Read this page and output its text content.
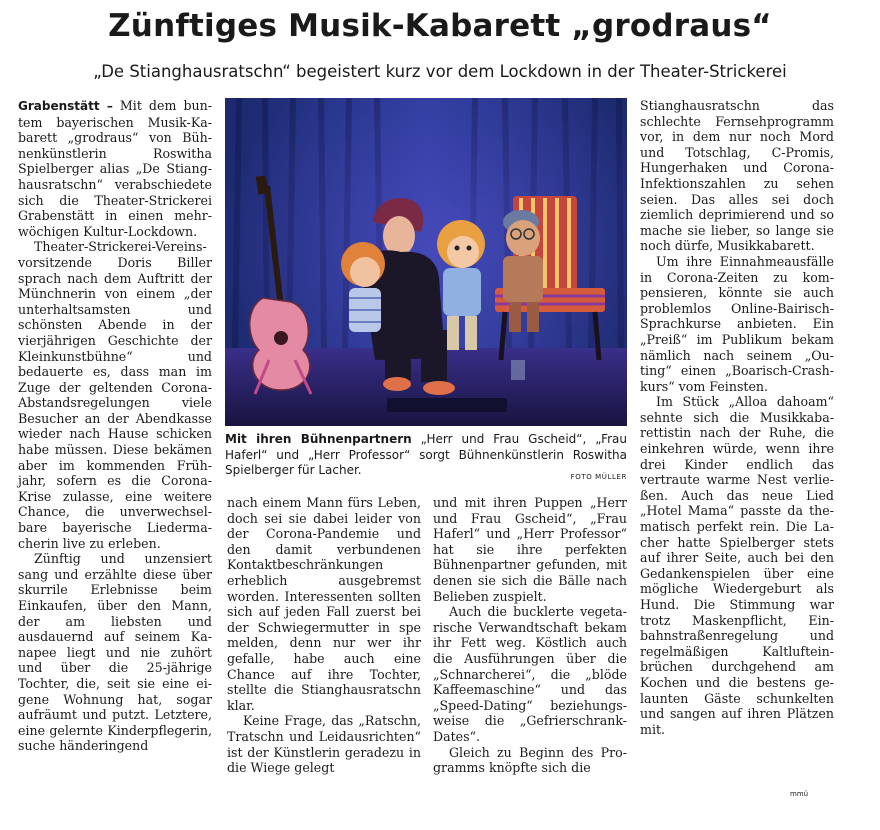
Zünftiges Musik-Kabarett „grodraus“
„De Stianghausratschn“ begeistert kurz vor dem Lockdown in der Theater-Strickerei

Grabenstätt – Mit dem buntem bayerischen Musik-Kabarett „grodraus“ von Bühnenkünstlerin Roswitha Spielberger alias „De Stianghausratschn“ verabschiedete sich die Theater-Strickerei Grabenstätt in einen mehrwöchigen Kultur-Lockdown.

Theater-Strickerei-Vereinsvorsitzende Doris Biller sprach nach dem Auftritt der Münchnerin von einem „der unterhaltsamsten und schönsten Abende in der vierjährigen Geschichte der Kleinkunstbühne“ und bedauerte es, dass man im Zuge der geltenden Corona-Abstandsregelungen viele Besucher an der Abendkasse wieder nach Hause schicken habe müssen. Diese bekämen aber im kommenden Frühjahr, sofern es die Corona-Krise zulasse, eine weitere Chance, die unverwechselbare bayerische Liedermacherin live zu erleben.

Zünftig und unzensiert sang und erzählte diese über skurrile Erlebnisse beim Einkaufen, über den Mann, der am liebsten und ausdauernd auf seinem Kanapee liegt und nie zuhört und über die 25-jährige Tochter, die, seit sie eine eigene Wohnung hat, sogar aufräumt und putzt. Letztere, eine gelernte Kinderpflegerin, suche händeringend

Mit ihren Bühnenpartnern „Herr und Frau Gscheid“, „Frau Haferl“ und „Herr Professor“ sorgt Bühnenkünstlerin Roswitha Spielberger für Lacher.	FOTO MÜLLER

nach einem Mann fürs Leben, doch sei sie dabei leider von der Corona-Pandemie und den damit verbundenen Kontaktbeschränkungen erheblich ausgebremst worden. Interessenten sollten sich auf jeden Fall zuerst bei der Schwiegermutter in spe melden, denn nur wer ihr gefalle, habe auch eine Chance auf ihre Tochter, stellte die Stianghausratschn klar.

Keine Frage, das „Ratschn, Tratschn und Leidausrichten“ ist der Künstlerin geradezu in die Wiege gelegt

und mit ihren Puppen „Herr und Frau Gscheid“, „Frau Haferl“ und „Herr Professor“ hat sie ihre perfekten Bühnenpartner gefunden, mit denen sie sich die Bälle nach Belieben zuspielt.

Auch die bucklerte vegetarische Verwandtschaft bekam ihr Fett weg. Köstlich auch die Ausführungen über die „Schnarcherei“, die „blöde Kaffeemaschine“ und das „Speed-Dating“ beziehungsweise die „Gefrierschrank-Dates“.

Gleich zu Beginn des Programms knöpfte sich die

Stianghausratschn das schlechte Fernsehprogramm vor, in dem nur noch Mord und Totschlag, C-Promis, Hungerhaken und Corona-Infektionszahlen zu sehen seien. Das alles sei doch ziemlich deprimierend und so mache sie lieber, so lange sie noch dürfe, Musikkabarett.

Um ihre Einnahmeausfälle in Corona-Zeiten zu kompensieren, könnte sie auch problemlos Online-Bairisch-Sprachkurse anbieten. Ein „Preiß“ im Publikum bekam nämlich nach seinem „Outing“ einen „Boarisch-Crashkurs“ vom Feinsten.

Im Stück „Alloa dahoam“ sehnte sich die Musikkabarettistin nach der Ruhe, die einkehren würde, wenn ihre drei Kinder endlich das vertraute warme Nest verließen. Auch das neue Lied „Hotel Mama“ passte da thematisch perfekt rein. Die Lacher hatte Spielberger stets auf ihrer Seite, auch bei den Gedankenspielen über eine mögliche Wiedergeburt als Hund. Die Stimmung war trotz Maskenpflicht, Einbahnstraßenregelung und regelmäßigen Kaltlufteinbrüchen durchgehend am Kochen und die bestens gelaunten Gäste schunkelten und sangen auf ihren Plätzen mit.

mmü
